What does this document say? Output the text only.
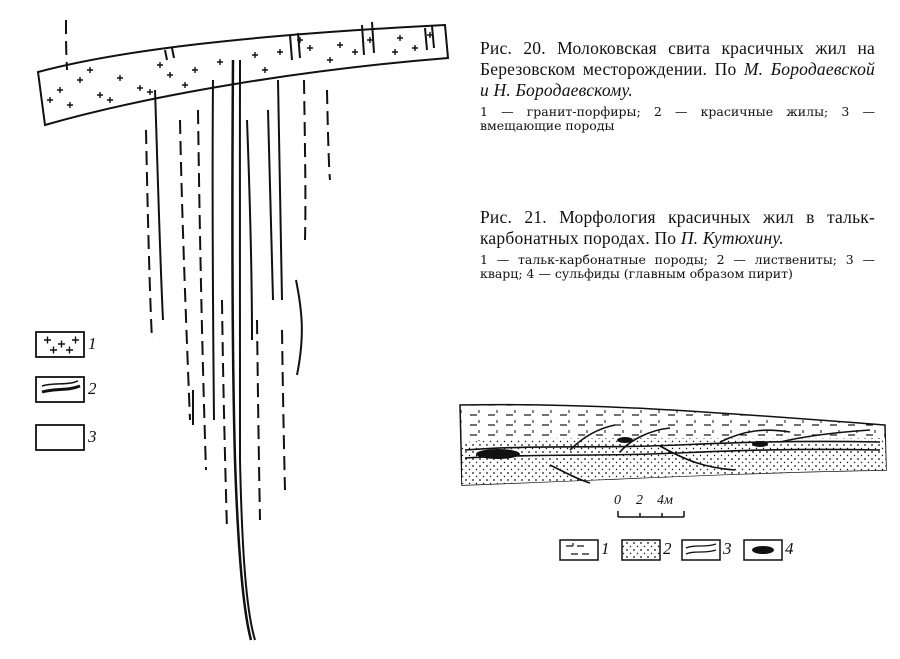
1
2
3
Рис. 20. Молоковская свита красичных жил на Березовском месторождении. По М. Бородаевской и Н. Бородаевскому.
1 — гранит-порфиры; 2 — красичные жилы; 3 — вмещающие породы
Рис. 21. Морфология красичных жил в тальк-карбонатных породах. По П. Кутюхину.
1 — тальк-карбонатные породы; 2 — листвениты; 3 — кварц; 4 — сульфиды (главным образом пирит)
0 2 4м
1	2	3	4
